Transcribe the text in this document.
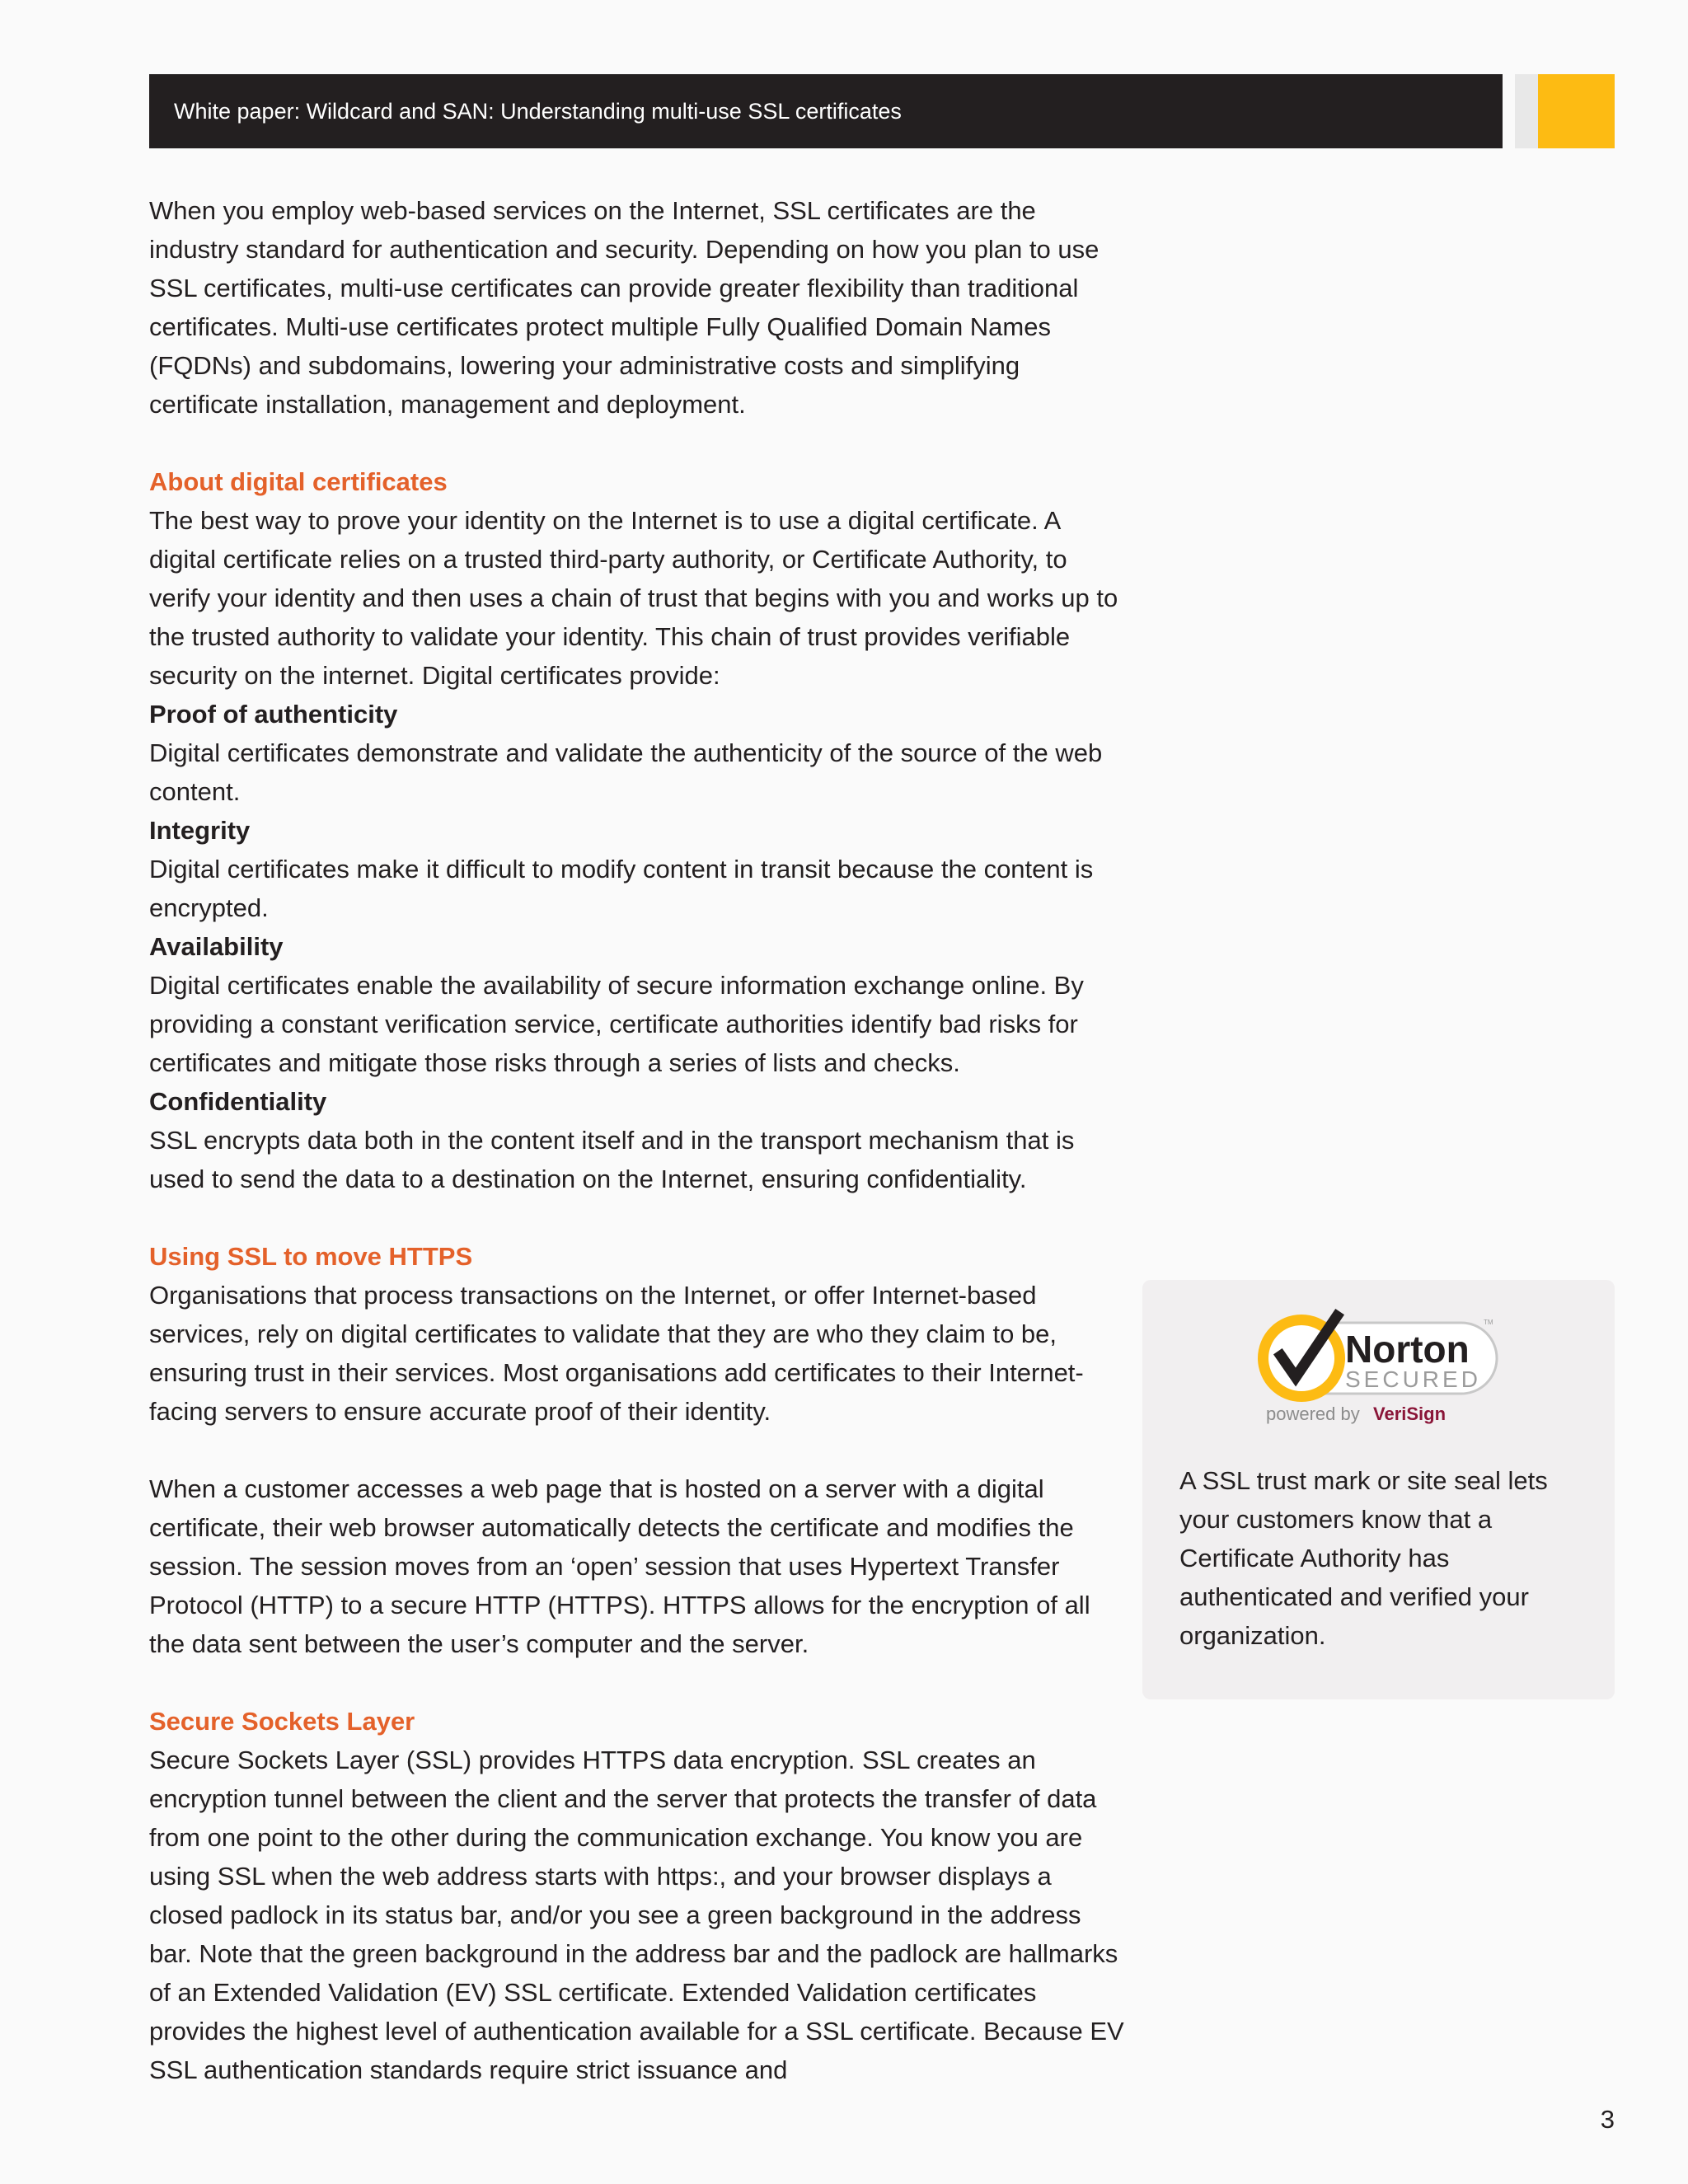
White paper: Wildcard and SAN: Understanding multi-use SSL certificates

When you employ web-based services on the Internet, SSL certificates are the industry standard for authentication and security. Depending on how you plan to use SSL certificates, multi-use certificates can provide greater flexibility than traditional certificates. Multi-use certificates protect multiple Fully Qualified Domain Names (FQDNs) and subdomains, lowering your administrative costs and simplifying certificate installation, management and deployment.

About digital certificates

The best way to prove your identity on the Internet is to use a digital certificate. A digital certificate relies on a trusted third-party authority, or Certificate Authority, to verify your identity and then uses a chain of trust that begins with you and works up to the trusted authority to validate your identity. This chain of trust provides verifiable security on the internet. Digital certificates provide:

Proof of authenticity

Digital certificates demonstrate and validate the authenticity of the source of the web content.

Integrity

Digital certificates make it difficult to modify content in transit because the content is encrypted.

Availability

Digital certificates enable the availability of secure information exchange online. By providing a constant verification service, certificate authorities identify bad risks for certificates and mitigate those risks through a series of lists and checks.

Confidentiality

SSL encrypts data both in the content itself and in the transport mechanism that is used to send the data to a destination on the Internet, ensuring confidentiality.

Using SSL to move HTTPS

Organisations that process transactions on the Internet, or offer Internet-based services, rely on digital certificates to validate that they are who they claim to be, ensuring trust in their services. Most organisations add certificates to their Internet-facing servers to ensure accurate proof of their identity.

When a customer accesses a web page that is hosted on a server with a digital certificate, their web browser automatically detects the certificate and modifies the session. The session moves from an ‘open’ session that uses Hypertext Transfer Protocol (HTTP) to a secure HTTP (HTTPS). HTTPS allows for the encryption of all the data sent between the user’s computer and the server.

Secure Sockets Layer

Secure Sockets Layer (SSL) provides HTTPS data encryption. SSL creates an encryption tunnel between the client and the server that protects the transfer of data from one point to the other during the communication exchange. You know you are using SSL when the web address starts with https:, and your browser displays a closed padlock in its status bar, and/or you see a green background in the address bar. Note that the green background in the address bar and the padlock are hallmarks of an Extended Validation (EV) SSL certificate. Extended Validation certificates provides the highest level of authentication available for a SSL certificate. Because EV SSL authentication standards require strict issuance and

Norton
SECURED
TM
powered by VeriSign

A SSL trust mark or site seal lets your customers know that a Certificate Authority has authenticated and verified your organization.

3
